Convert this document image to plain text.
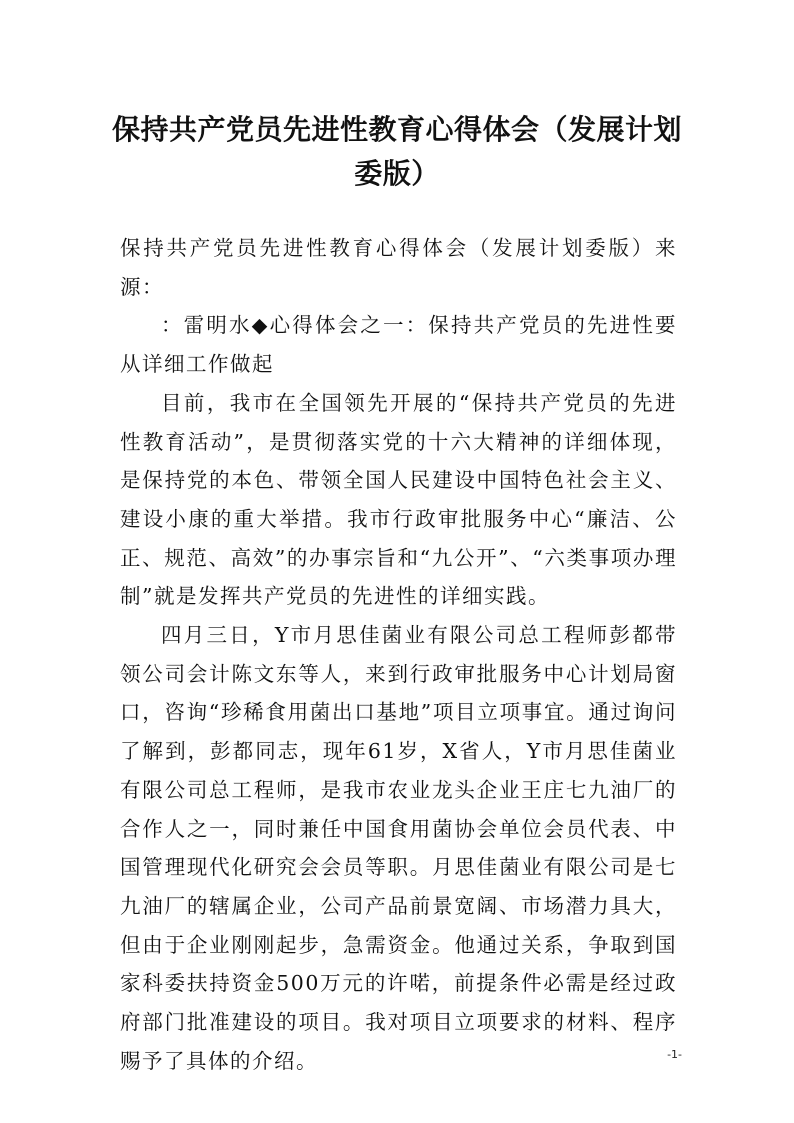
保持共产党员先进性教育心得体会（发展计划委版）

保持共产党员先进性教育心得体会（发展计划委版）来源：

：雷明水◆心得体会之一：保持共产党员的先进性要从详细工作做起

目前，我市在全国领先开展的“保持共产党员的先进性教育活动”，是贯彻落实党的十六大精神的详细体现，是保持党的本色、带领全国人民建设中国特色社会主义、建设小康的重大举措。我市行政审批服务中心“廉洁、公正、规范、高效”的办事宗旨和“九公开”、“六类事项办理制”就是发挥共产党员的先进性的详细实践。

四月三日，Y市月思佳菌业有限公司总工程师彭都带领公司会计陈文东等人，来到行政审批服务中心计划局窗口，咨询“珍稀食用菌出口基地”项目立项事宜。通过询问了解到，彭都同志，现年61岁，X省人，Y市月思佳菌业有限公司总工程师，是我市农业龙头企业王庄七九油厂的合作人之一，同时兼任中国食用菌协会单位会员代表、中国管理现代化研究会会员等职。月思佳菌业有限公司是七九油厂的辖属企业，公司产品前景宽阔、市场潜力具大，但由于企业刚刚起步，急需资金。他通过关系，争取到国家科委扶持资金500万元的许喏，前提条件必需是经过政府部门批准建设的项目。我对项目立项要求的材料、程序赐予了具体的介绍。	-1-
